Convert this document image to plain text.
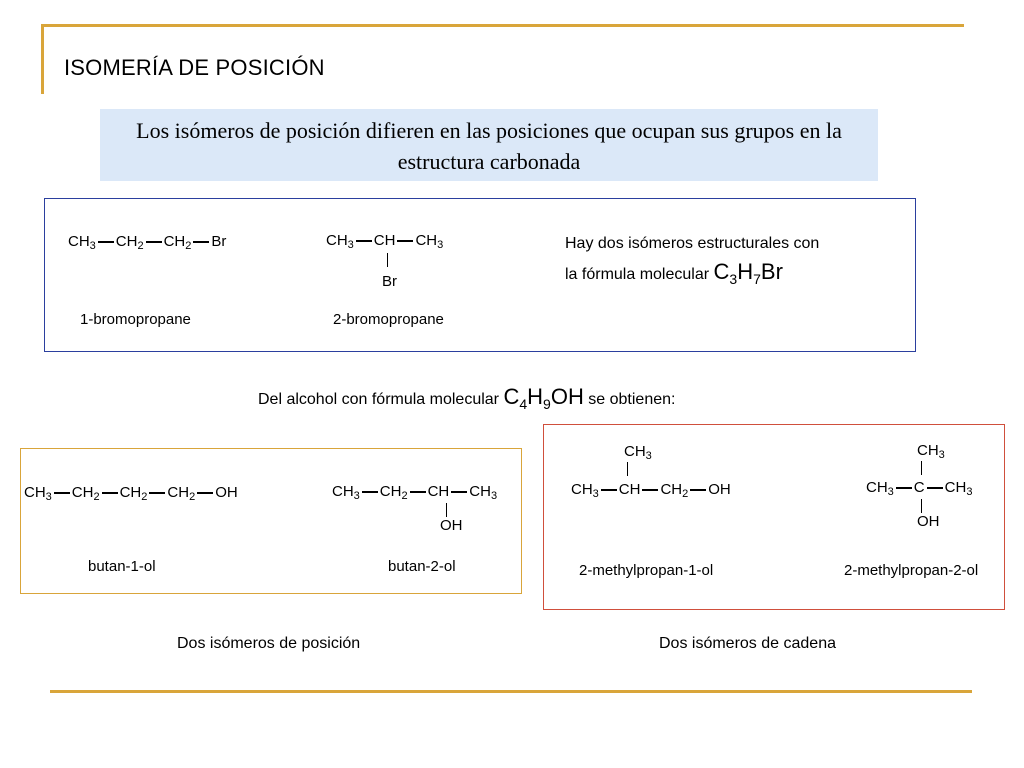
ISOMERÍA DE POSICIÓN
Los isómeros de posición difieren en las posiciones que ocupan sus grupos en la estructura carbonada
$CH_3$ $CH_2$ $CH_2$ Br
1-bromopropane
$CH_3$ CH $CH_3$
Br
2-bromopropane
Hay dos isómeros estructurales con
la fórmula molecular $C_3H_7Br$
Del alcohol con fórmula molecular $C_4H_9OH$ se obtienen:
$CH_3$ $CH_2$ $CH_2$ $CH_2$ OH
butan-1-ol
$CH_3$ $CH_2$ CH $CH_3$
OH
butan-2-ol
$CH_3$
$CH_3$ CH $CH_2$ OH
2-methylpropan-1-ol
$CH_3$
$CH_3$ C $CH_3$
OH
2-methylpropan-2-ol
Dos isómeros de posición	Dos isómeros de cadena
